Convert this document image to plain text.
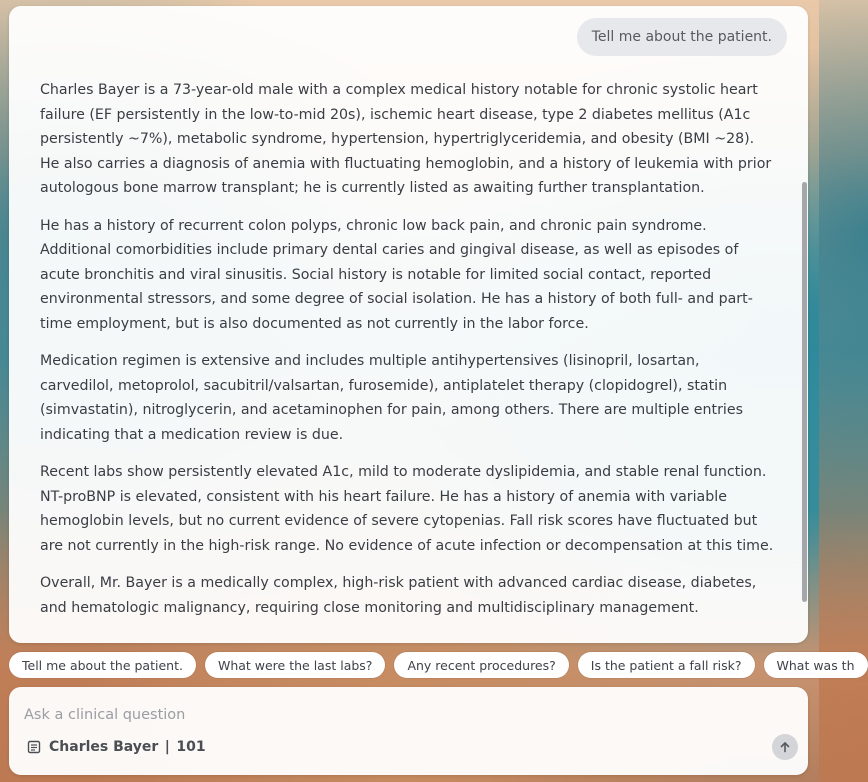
Tell me about the patient.

Charles Bayer is a 73-year-old male with a complex medical history notable for chronic systolic heart failure (EF persistently in the low-to-mid 20s), ischemic heart disease, type 2 diabetes mellitus (A1c persistently ~7%), metabolic syndrome, hypertension, hypertriglyceridemia, and obesity (BMI ~28). He also carries a diagnosis of anemia with fluctuating hemoglobin, and a history of leukemia with prior autologous bone marrow transplant; he is currently listed as awaiting further transplantation.

He has a history of recurrent colon polyps, chronic low back pain, and chronic pain syndrome. Additional comorbidities include primary dental caries and gingival disease, as well as episodes of acute bronchitis and viral sinusitis. Social history is notable for limited social contact, reported environmental stressors, and some degree of social isolation. He has a history of both full- and part-time employment, but is also documented as not currently in the labor force.

Medication regimen is extensive and includes multiple antihypertensives (lisinopril, losartan, carvedilol, metoprolol, sacubitril/valsartan, furosemide), antiplatelet therapy (clopidogrel), statin (simvastatin), nitroglycerin, and acetaminophen for pain, among others. There are multiple entries indicating that a medication review is due.

Recent labs show persistently elevated A1c, mild to moderate dyslipidemia, and stable renal function. NT-proBNP is elevated, consistent with his heart failure. He has a history of anemia with variable hemoglobin levels, but no current evidence of severe cytopenias. Fall risk scores have fluctuated but are not currently in the high-risk range. No evidence of acute infection or decompensation at this time.

Overall, Mr. Bayer is a medically complex, high-risk patient with advanced cardiac disease, diabetes, and hematologic malignancy, requiring close monitoring and multidisciplinary management.

Tell me about the patient.	What were the last labs?	Any recent procedures?	Is the patient a fall risk?	What was th
Ask a clinical question
Charles Bayer | 101
